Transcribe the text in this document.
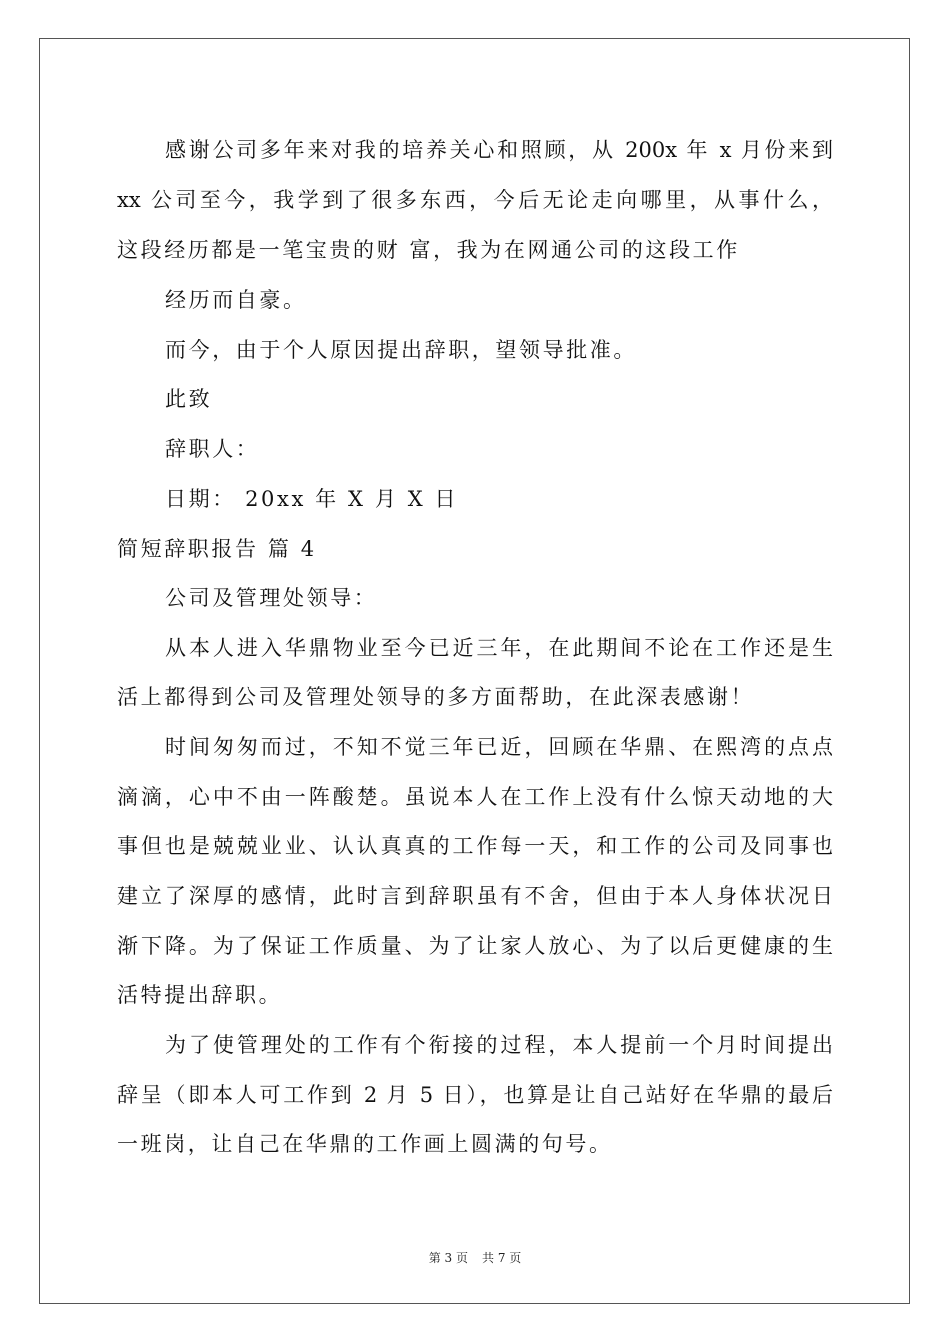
感谢公司多年来对我的培养关心和照顾，从 200x 年 x 月份来到
xx 公司至今，我学到了很多东西，今后无论走向哪里，从事什么，
这段经历都是一笔宝贵的财 富，我为在网通公司的这段工作
经历而自豪。
而今，由于个人原因提出辞职，望领导批准。
此致
辞职人：
日期： 20xx 年 X 月 X 日
简短辞职报告 篇 4
公司及管理处领导：
从本人进入华鼎物业至今已近三年，在此期间不论在工作还是生
活上都得到公司及管理处领导的多方面帮助，在此深表感谢！
时间匆匆而过，不知不觉三年已近，回顾在华鼎、在熙湾的点点
滴滴，心中不由一阵酸楚。虽说本人在工作上没有什么惊天动地的大
事但也是兢兢业业、认认真真的工作每一天，和工作的公司及同事也
建立了深厚的感情，此时言到辞职虽有不舍，但由于本人身体状况日
渐下降。为了保证工作质量、为了让家人放心、为了以后更健康的生
活特提出辞职。
为了使管理处的工作有个衔接的过程，本人提前一个月时间提出
辞呈（即本人可工作到 2 月 5 日），也算是让自己站好在华鼎的最后
一班岗，让自己在华鼎的工作画上圆满的句号。
第 3 页 共 7 页
